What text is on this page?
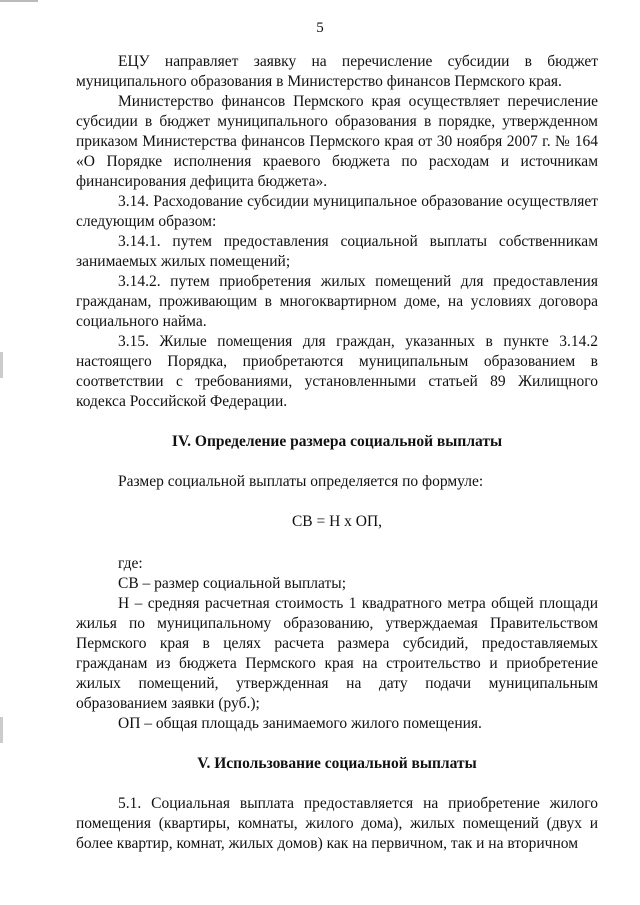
5

ЕЦУ направляет заявку на перечисление субсидии в бюджет муниципального образования в Министерство финансов Пермского края.

Министерство финансов Пермского края осуществляет перечисление субсидии в бюджет муниципального образования в порядке, утвержденном приказом Министерства финансов Пермского края от 30 ноября 2007 г. № 164 «О Порядке исполнения краевого бюджета по расходам и источникам финансирования дефицита бюджета».

3.14. Расходование субсидии муниципальное образование осуществляет следующим образом:

3.14.1. путем предоставления социальной выплаты собственникам занимаемых жилых помещений;

3.14.2. путем приобретения жилых помещений для предоставления гражданам, проживающим в многоквартирном доме, на условиях договора социального найма.

3.15. Жилые помещения для граждан, указанных в пункте 3.14.2 настоящего Порядка, приобретаются муниципальным образованием в соответствии с требованиями, установленными статьей 89 Жилищного кодекса Российской Федерации.

IV. Определение размера социальной выплаты

Размер социальной выплаты определяется по формуле:

СВ = Н х ОП,

где:

СВ – размер социальной выплаты;

Н – средняя расчетная стоимость 1 квадратного метра общей площади жилья по муниципальному образованию, утверждаемая Правительством Пермского края в целях расчета размера субсидий, предоставляемых гражданам из бюджета Пермского края на строительство и приобретение жилых помещений, утвержденная на дату подачи муниципальным образованием заявки (руб.);

ОП – общая площадь занимаемого жилого помещения.

V. Использование социальной выплаты

5.1. Социальная выплата предоставляется на приобретение жилого помещения (квартиры, комнаты, жилого дома), жилых помещений (двух и более квартир, комнат, жилых домов) как на первичном, так и на вторичном
